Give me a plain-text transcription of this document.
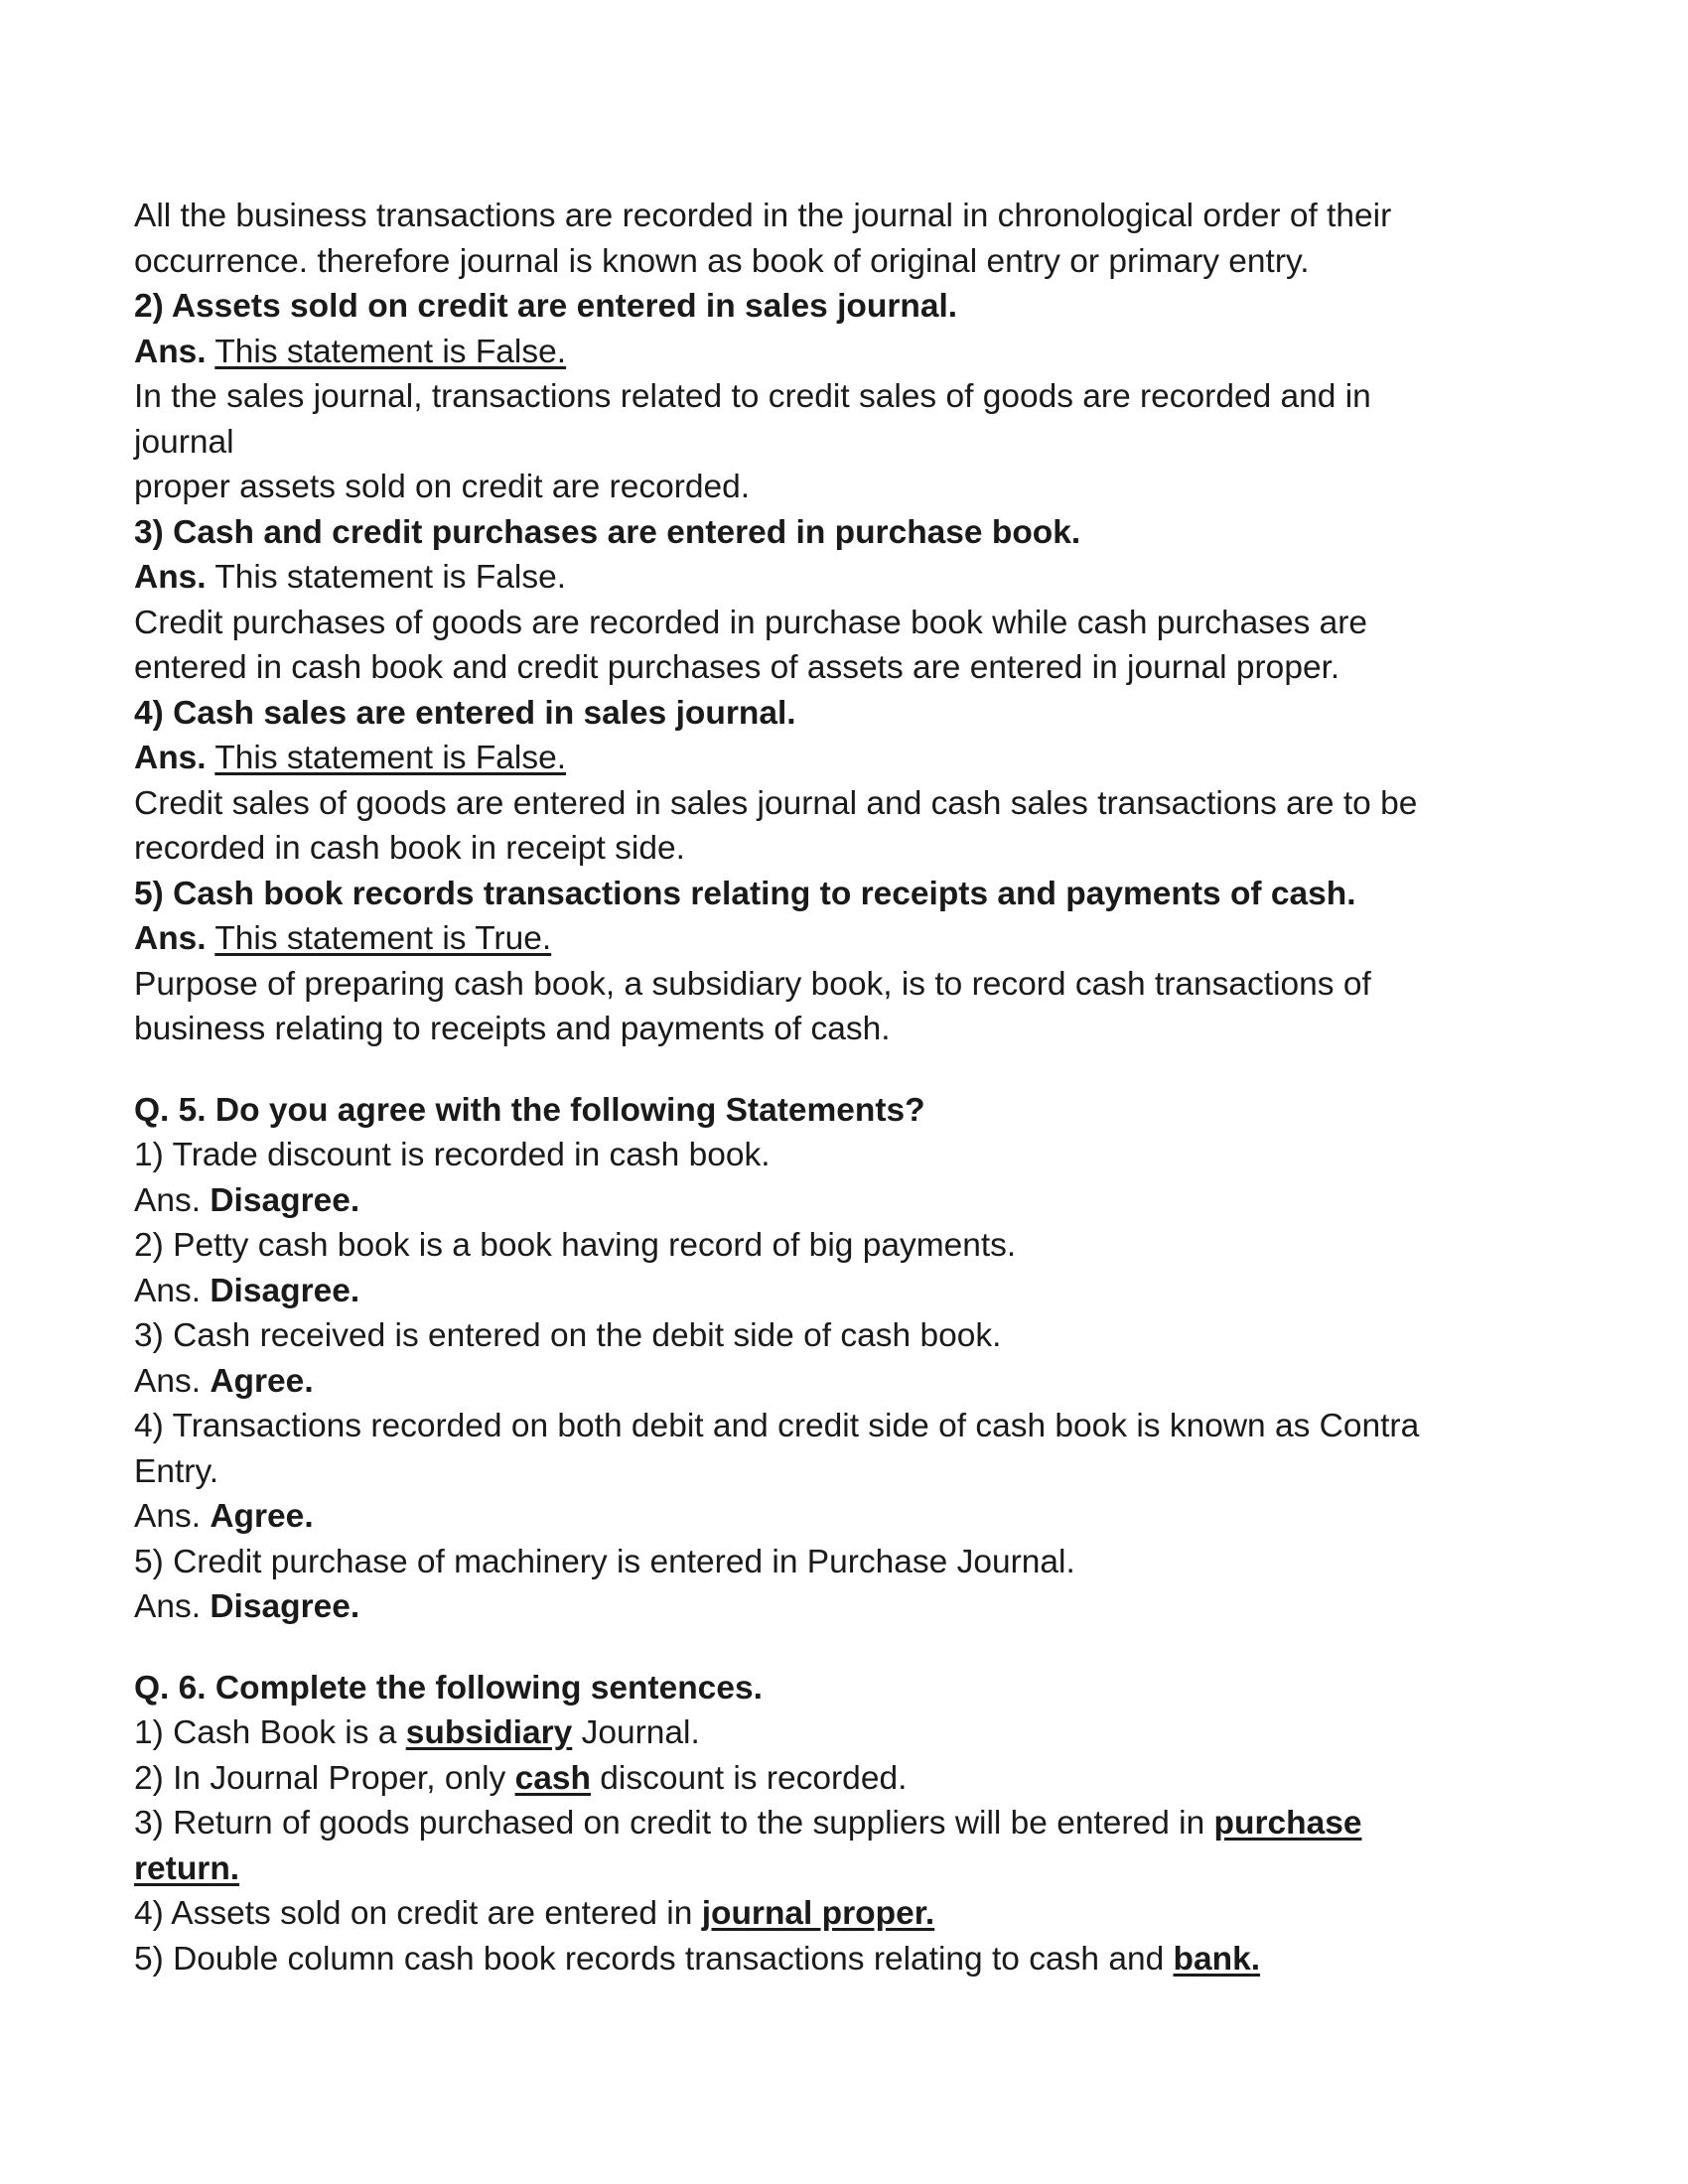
All the business transactions are recorded in the journal in chronological order of their
occurrence. therefore journal is known as book of original entry or primary entry.
2) Assets sold on credit are entered in sales journal.
Ans. This statement is False.
In the sales journal, transactions related to credit sales of goods are recorded and in
journal
proper assets sold on credit are recorded.
3) Cash and credit purchases are entered in purchase book.
Ans. This statement is False.
Credit purchases of goods are recorded in purchase book while cash purchases are
entered in cash book and credit purchases of assets are entered in journal proper.
4) Cash sales are entered in sales journal.
Ans. This statement is False.
Credit sales of goods are entered in sales journal and cash sales transactions are to be
recorded in cash book in receipt side.
5) Cash book records transactions relating to receipts and payments of cash.
Ans. This statement is True.
Purpose of preparing cash book, a subsidiary book, is to record cash transactions of
business relating to receipts and payments of cash.
Q. 5. Do you agree with the following Statements?
1) Trade discount is recorded in cash book.
Ans. Disagree.
2) Petty cash book is a book having record of big payments.
Ans. Disagree.
3) Cash received is entered on the debit side of cash book.
Ans. Agree.
4) Transactions recorded on both debit and credit side of cash book is known as Contra
Entry.
Ans. Agree.
5) Credit purchase of machinery is entered in Purchase Journal.
Ans. Disagree.
Q. 6. Complete the following sentences.
1) Cash Book is a subsidiary Journal.
2) In Journal Proper, only cash discount is recorded.
3) Return of goods purchased on credit to the suppliers will be entered in purchase
return.
4) Assets sold on credit are entered in journal proper.
5) Double column cash book records transactions relating to cash and bank.
